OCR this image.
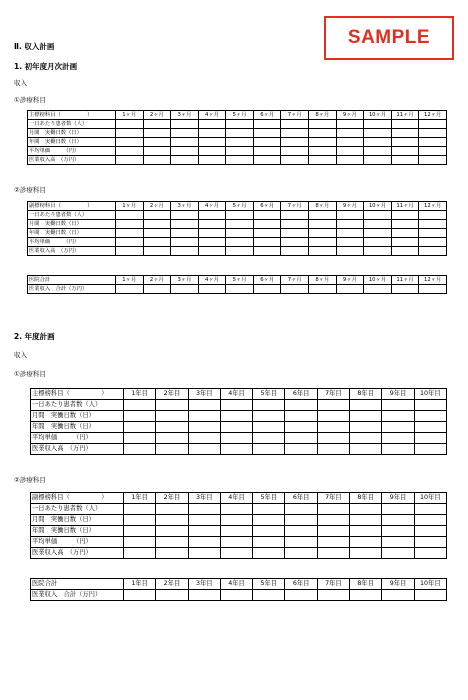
SAMPLE
Ⅱ. 収入計画
1. 初年度月次計画
収入
①診療科目
主標榜科目（　　　　　）	1ヶ月	2ヶ月	3ヶ月	4ヶ月	5ヶ月	6ヶ月	7ヶ月	8ヶ月	9ヶ月	10ヶ月	11ヶ月	12ヶ月
一日あたり患者数（人）												
月間　実働日数（日）												
年間　実働日数（日）												
平均単価　　　（円）												
医業収入高　（万円）												
②診療科目
副標榜科目（　　　　　）	1ヶ月	2ヶ月	3ヶ月	4ヶ月	5ヶ月	6ヶ月	7ヶ月	8ヶ月	9ヶ月	10ヶ月	11ヶ月	12ヶ月
一日あたり患者数（人）												
月間　実働日数（日）												
年間　実働日数（日）												
平均単価　　　（円）												
医業収入高　（万円）												
医院合計	1ヶ月	2ヶ月	3ヶ月	4ヶ月	5ヶ月	6ヶ月	7ヶ月	8ヶ月	9ヶ月	10ヶ月	11ヶ月	12ヶ月
医業収入　合計（万円）												
2. 年度計画
収入
①診療科目
主標榜科目（　　　　　）	1年目	2年目	3年目	4年目	5年目	6年目	7年目	8年目	9年目	10年目
一日あたり患者数（人）										
月間　実働日数（日）										
年間　実働日数（日）										
平均単価　　　（円）										
医業収入高　（万円）										
②診療科目
副標榜科目（　　　　　）	1年目	2年目	3年目	4年目	5年目	6年目	7年目	8年目	9年目	10年目
一日あたり患者数（人）										
月間　実働日数（日）										
年間　実働日数（日）										
平均単価　　　（円）										
医業収入高　（万円）										
医院合計	1年目	2年目	3年目	4年目	5年目	6年目	7年目	8年目	9年目	10年目
医業収入　合計（万円）										
